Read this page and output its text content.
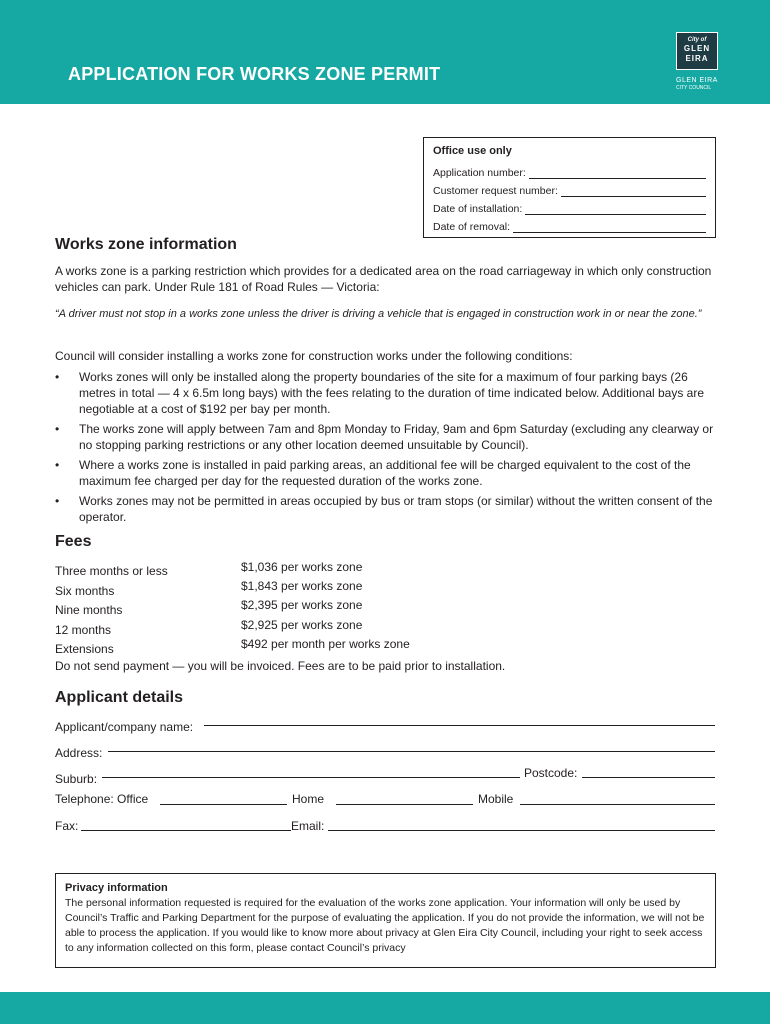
APPLICATION FOR WORKS ZONE PERMIT
City of
GLEN
EIRA
GLEN EIRA
CITY COUNCIL
Office use only
Application number:
Customer request number:
Date of installation:
Date of removal:
Works zone information
A works zone is a parking restriction which provides for a dedicated area on the road carriageway in which only construction vehicles can park. Under Rule 181 of Road Rules — Victoria:
“A driver must not stop in a works zone unless the driver is driving a vehicle that is engaged in construction work in or near the zone.”
Council will consider installing a works zone for construction works under the following conditions:
• Works zones will only be installed along the property boundaries of the site for a maximum of four parking bays (26 metres in total — 4 x 6.5m long bays) with the fees relating to the duration of time indicated below. Additional bays are negotiable at a cost of $192 per bay per month.
• The works zone will apply between 7am and 8pm Monday to Friday, 9am and 6pm Saturday (excluding any clearway or no stopping parking restrictions or any other location deemed unsuitable by Council).
• Where a works zone is installed in paid parking areas, an additional fee will be charged equivalent to the cost of the maximum fee charged per day for the requested duration of the works zone.
• Works zones may not be permitted in areas occupied by bus or tram stops (or similar) without the written consent of the operator.
Fees
Three months or less	$1,036 per works zone
Six months	$1,843 per works zone
Nine months	$2,395 per works zone
12 months	$2,925 per works zone
Extensions	$492 per month per works zone
Do not send payment — you will be invoiced. Fees are to be paid prior to installation.
Applicant details
Applicant/company name:
Address:
Suburb:	Postcode:
Telephone: Office	Home	Mobile
Fax:	Email:
Privacy information
The personal information requested is required for the evaluation of the works zone application. Your information will only be used by Council’s Traffic and Parking Department for the purpose of evaluating the application. If you do not provide the information, we will not be able to process the application. If you would like to know more about privacy at Glen Eira City Council, including your right to seek access to any information collected on this form, please contact Council’s privacy
